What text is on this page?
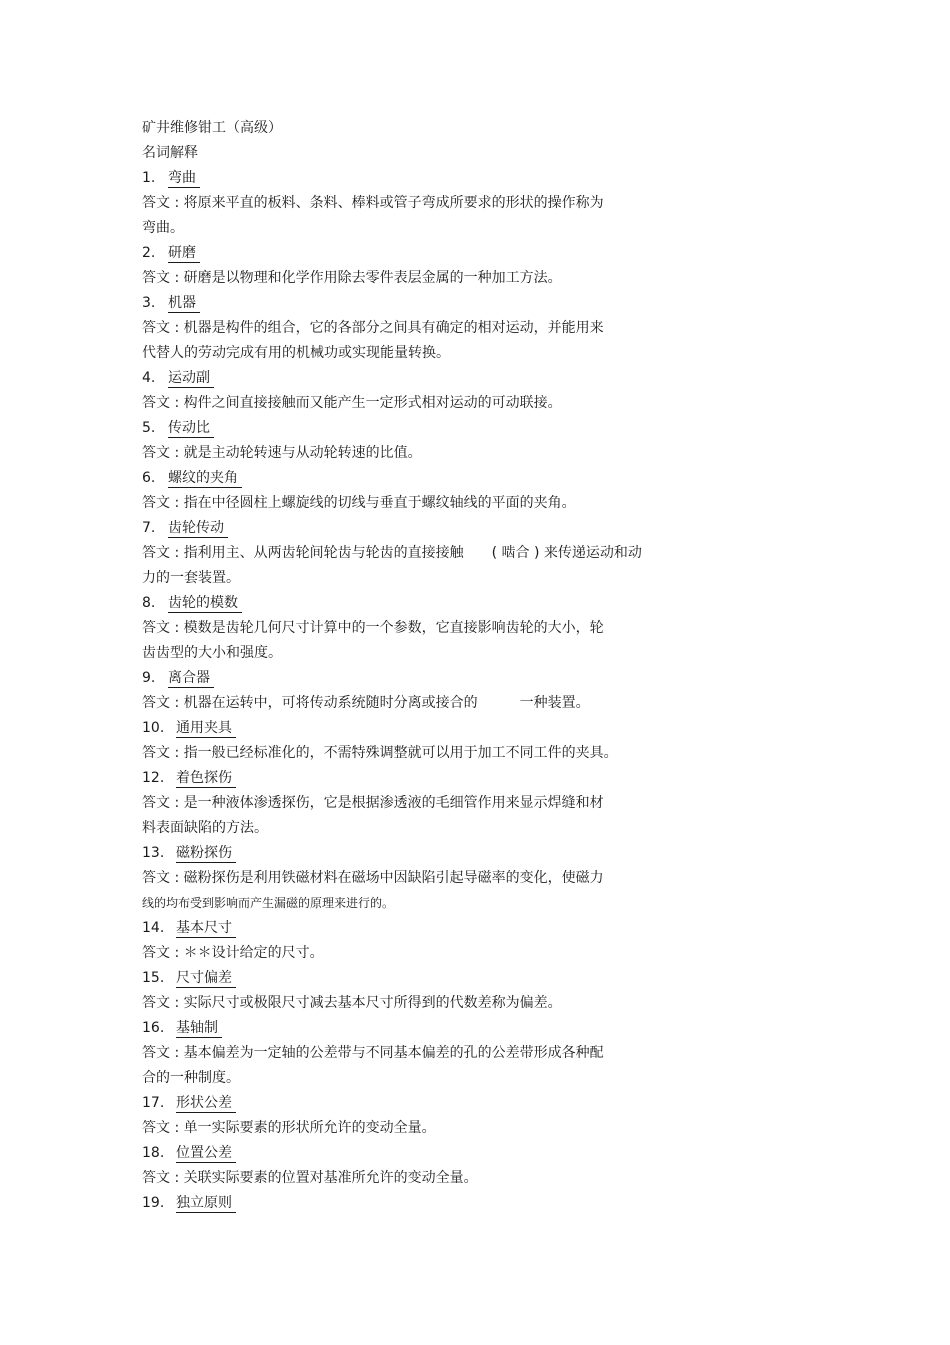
矿井维修钳工（高级）
名词解释
1. 弯曲
答文 : 将原来平直的板料、条料、棒料或管子弯成所要求的形状的操作称为
弯曲。
2. 研磨
答文 : 研磨是以物理和化学作用除去零件表层金属的一种加工方法。
3. 机器
答文 : 机器是构件的组合，它的各部分之间具有确定的相对运动，并能用来
代替人的劳动完成有用的机械功或实现能量转换。
4. 运动副
答文 : 构件之间直接接触而又能产生一定形式相对运动的可动联接。
5. 传动比
答文 : 就是主动轮转速与从动轮转速的比值。
6. 螺纹的夹角
答文 : 指在中径圆柱上螺旋线的切线与垂直于螺纹轴线的平面的夹角。
7. 齿轮传动
答文 : 指利用主、从两齿轮间轮齿与轮齿的直接接触　　( 啮合 ) 来传递运动和动
力的一套装置。
8. 齿轮的模数
答文 : 模数是齿轮几何尺寸计算中的一个参数，它直接影响齿轮的大小，轮
齿齿型的大小和强度。
9. 离合器
答文 : 机器在运转中，可将传动系统随时分离或接合的　　　一种装置。
10. 通用夹具
答文 : 指一般已经标准化的，不需特殊调整就可以用于加工不同工件的夹具。
12. 着色探伤
答文 : 是一种液体渗透探伤，它是根据渗透液的毛细管作用来显示焊缝和材
料表面缺陷的方法。
13. 磁粉探伤
答文 : 磁粉探伤是利用铁磁材料在磁场中因缺陷引起导磁率的变化，使磁力
线的均布受到影响而产生漏磁的原理来进行的。
14. 基本尺寸
答文 : ＊＊设计给定的尺寸。
15. 尺寸偏差
答文 : 实际尺寸或极限尺寸减去基本尺寸所得到的代数差称为偏差。
16. 基轴制
答文 : 基本偏差为一定轴的公差带与不同基本偏差的孔的公差带形成各种配
合的一种制度。
17. 形状公差
答文 : 单一实际要素的形状所允许的变动全量。
18. 位置公差
答文 : 关联实际要素的位置对基准所允许的变动全量。
19. 独立原则
